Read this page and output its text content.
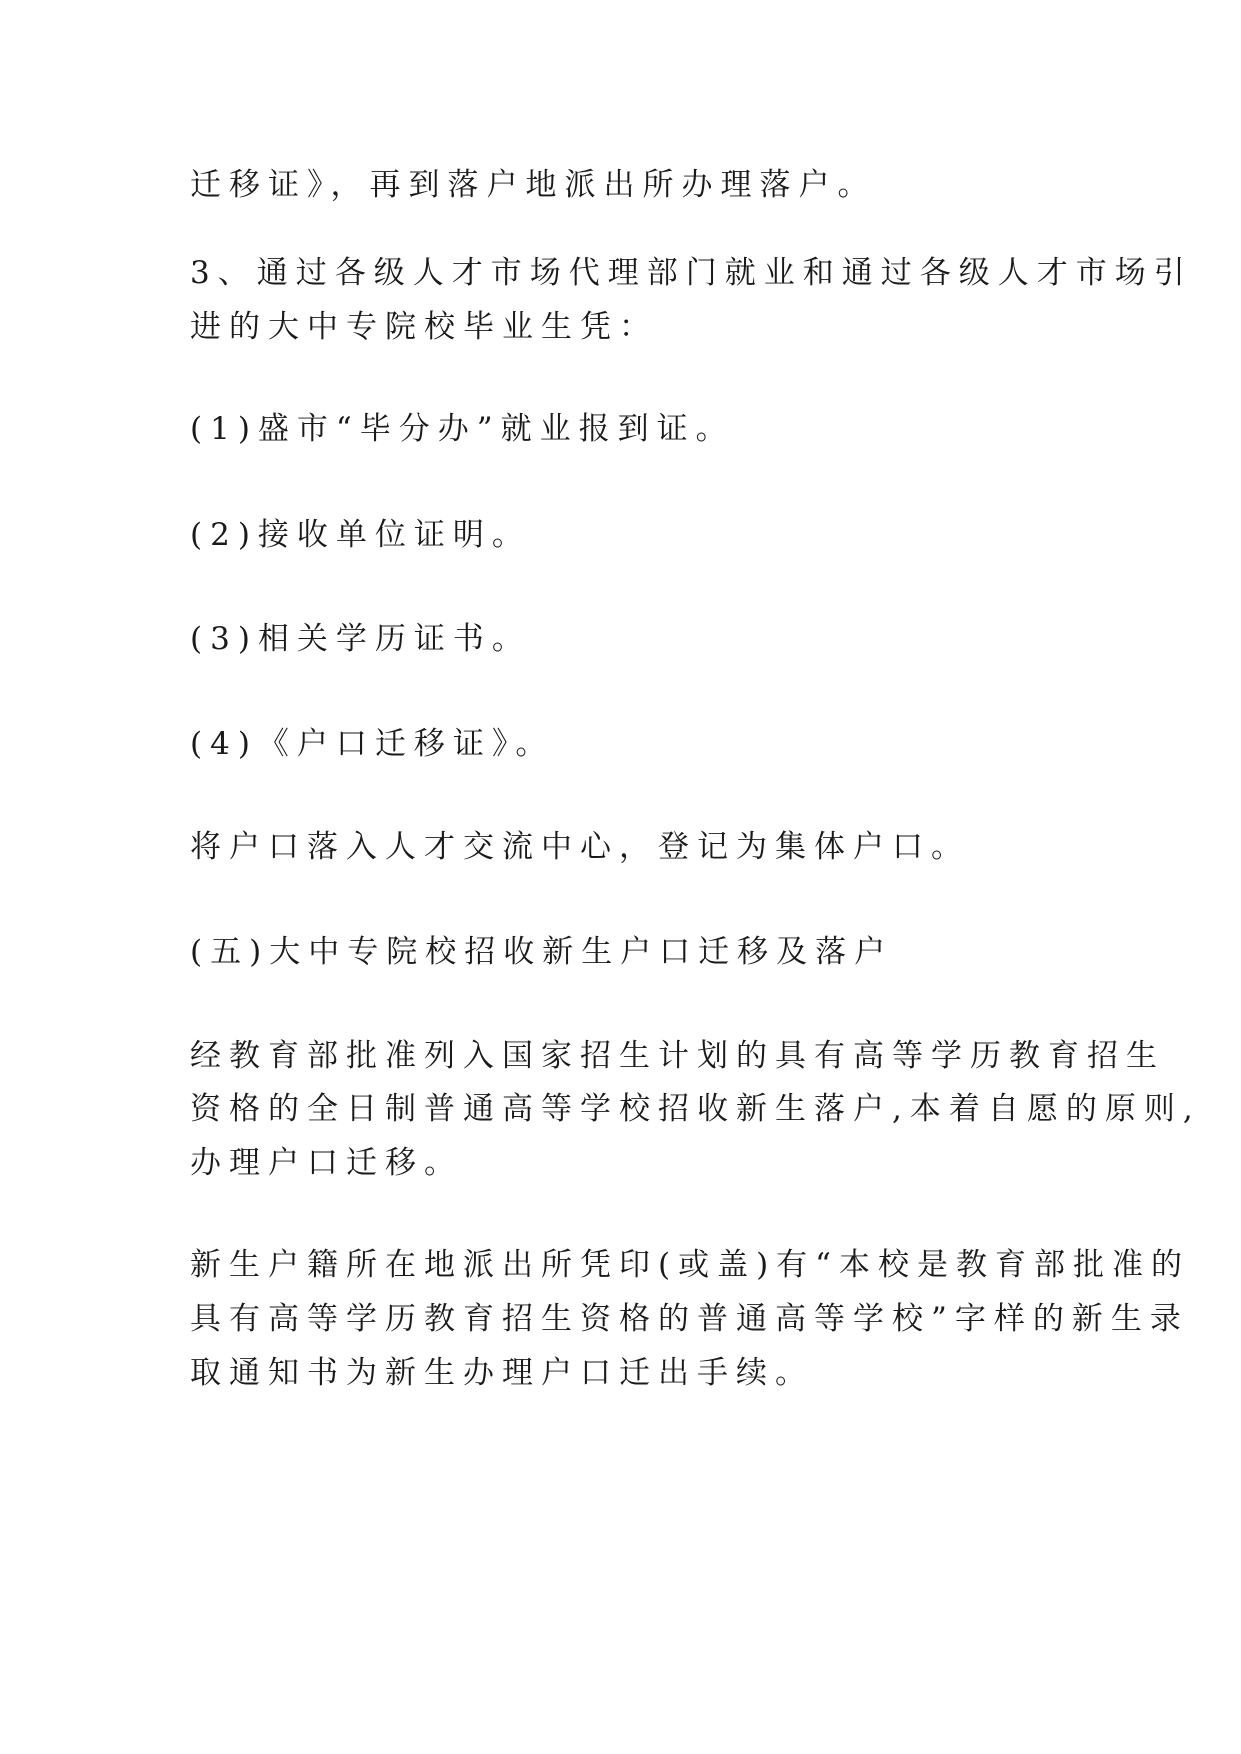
迁移证》，再到落户地派出所办理落户。

3、通过各级人才市场代理部门就业和通过各级人才市场引

进的大中专院校毕业生凭：

(1)盛市“毕分办”就业报到证。

(2)接收单位证明。

(3)相关学历证书。

(4)《户口迁移证》。

将户口落入人才交流中心，登记为集体户口。

(五)大中专院校招收新生户口迁移及落户

经教育部批准列入国家招生计划的具有高等学历教育招生

资格的全日制普通高等学校招收新生落户,本着自愿的原则,

办理户口迁移。

新生户籍所在地派出所凭印(或盖)有“本校是教育部批准的

具有高等学历教育招生资格的普通高等学校”字样的新生录

取通知书为新生办理户口迁出手续。
